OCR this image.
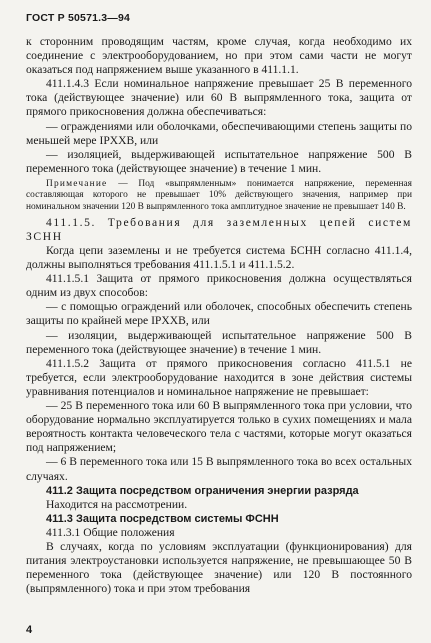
ГОСТ Р 50571.3—94

к сторонним проводящим частям, кроме случая, когда необходимо их соединение с электрооборудованием, но при этом сами части не могут оказаться под напряжением выше указанного в 411.1.1.

411.1.4.3 Если номинальное напряжение превышает 25 В переменного тока (действующее значение) или 60 В выпрямленного тока, защита от прямого прикосновения должна обеспечиваться:

— ограждениями или оболочками, обеспечивающими степень защиты по меньшей мере IPXXB, или

— изоляцией, выдерживающей испытательное напряжение 500 В переменного тока (действующее значение) в течение 1 мин.

Примечание — Под «выпрямленным» понимается напряжение, переменная составляющая которого не превышает 10% действующего значения, например при номинальном значении 120 В выпрямленного тока амплитудное значение не превышает 140 В.

411.1.5. Требования для заземленных цепей систем ЗСНН

Когда цепи заземлены и не требуется система БСНН согласно 411.1.4, должны выполняться требования 411.1.5.1 и 411.1.5.2.

411.1.5.1 Защита от прямого прикосновения должна осуществляться одним из двух способов:

— с помощью ограждений или оболочек, способных обеспечить степень защиты по крайней мере IPXXB, или

— изоляции, выдерживающей испытательное напряжение 500 В переменного тока (действующее значение) в течение 1 мин.

411.1.5.2 Защита от прямого прикосновения согласно 411.5.1 не требуется, если электрооборудование находится в зоне действия системы уравнивания потенциалов и номинальное напряжение не превышает:

— 25 В переменного тока или 60 В выпрямленного тока при условии, что оборудование нормально эксплуатируется только в сухих помещениях и мала вероятность контакта человеческого тела с частями, которые могут оказаться под напряжением;

— 6 В переменного тока или 15 В выпрямленного тока во всех остальных случаях.

411.2 Защита посредством ограничения энергии разряда

Находится на рассмотрении.

411.3 Защита посредством системы ФСНН

411.3.1 Общие положения

В случаях, когда по условиям эксплуатации (функционирования) для питания электроустановки используется напряжение, не превышающее 50 В переменного тока (действующее значение) или 120 В постоянного (выпрямленного) тока и при этом требования

4
